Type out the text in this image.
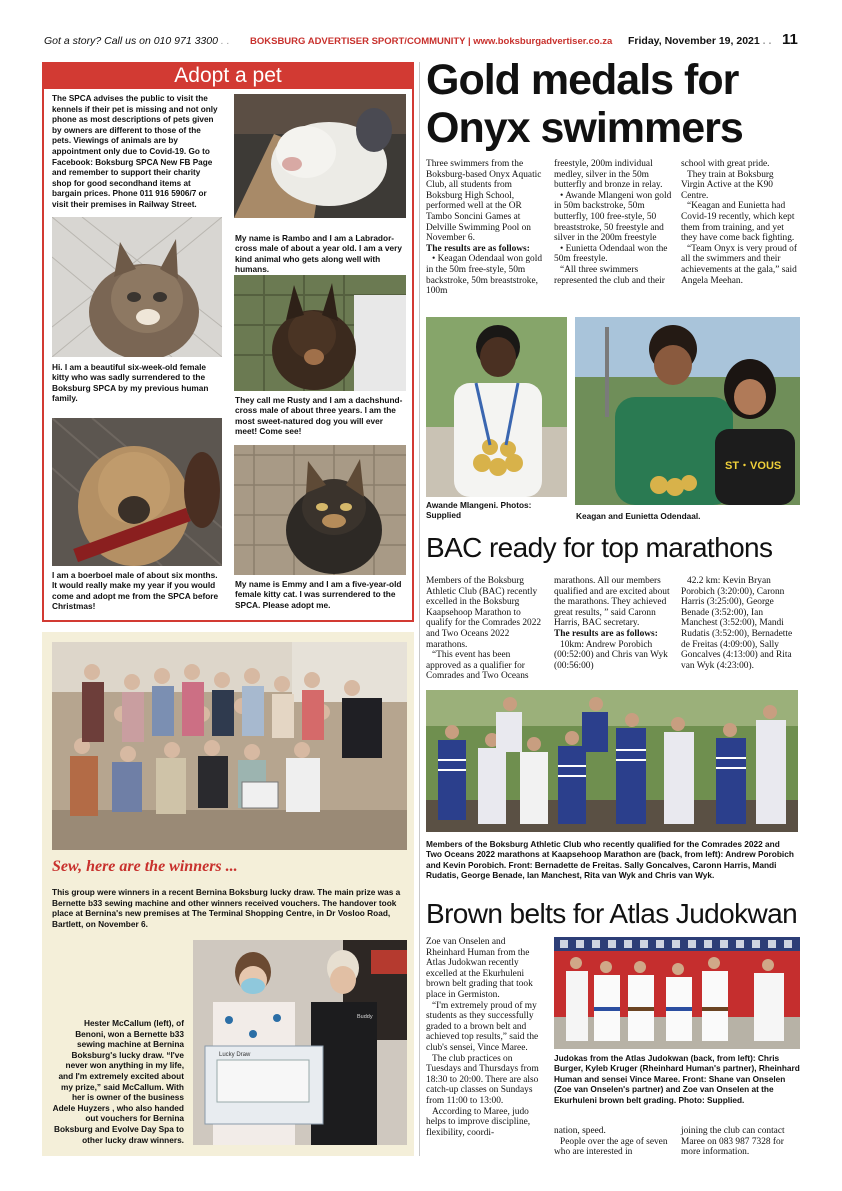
Got a story? Call us on 010 971 3300 . . BOKSBURG ADVERTISER SPORT/COMMUNITY | www.boksburgadvertiser.co.za Friday, November 19, 2021 . . 11
Adopt a pet
The SPCA advises the public to visit the kennels if their pet is missing and not only phone as most descriptions of pets given by owners are different to those of the pets. Viewings of animals are by appointment only due to Covid-19. Go to Facebook: Boksburg SPCA New FB Page and remember to support their charity shop for good secondhand items at bargain prices. Phone 011 916 5906/7 or visit their premises in Railway Street.
My name is Rambo and I am a Labrador-cross male of about a year old. I am a very kind animal who gets along well with humans.
Hi. I am a beautiful six-week-old female kitty who was sadly surrendered to the Boksburg SPCA by my previous human family.	They call me Rusty and I am a dachshund-cross male of about three years. I am the most sweet-natured dog you will ever meet! Come see!
I am a boerboel male of about six months. It would really make my year if you would come and adopt me from the SPCA before Christmas!
My name is Emmy and I am a five-year-old female kitty cat. I was surrendered to the SPCA. Please adopt me.
Sew, here are the winners ...
This group were winners in a recent Bernina Boksburg lucky draw. The main prize was a Bernette b33 sewing machine and other winners received vouchers. The handover took place at Bernina's new premises at The Terminal Shopping Centre, in Dr Vosloo Road, Bartlett, on November 6.
Hester McCallum (left), of Benoni, won a Bernette b33 sewing machine at Bernina Boksburg's lucky draw. “I've never won anything in my life, and I'm extremely excited about my prize,” said McCallum. With her is owner of the business Adele Huyzers , who also handed out vouchers for Bernina Boksburg and Evolve Day Spa to other lucky draw winners.
Lucky Draw
Buddy
Gold medals for
Onyx swimmers

Three swimmers from the Boksburg-based Onyx Aquatic Club, all students from Boksburg High School, performed well at the OR Tambo Soncini Games at Delville Swimming Pool on November 6.

The results are as follows:

• Keagan Odendaal won gold in the 50m free-style, 50m backstroke, 50m breaststroke, 100m

freestyle, 200m individual medley, silver in the 50m butterfly and bronze in relay.

• Awande Mlangeni won gold in 50m backstroke, 50m butterfly, 100 free-style, 50 breaststroke, 50 freestyle and silver in the 200m freestyle

• Eunietta Odendaal won the 50m freestyle.

“All three swimmers represented the club and their

school with great pride.

They train at Boksburg Virgin Active at the K90 Centre.

“Keagan and Eunietta had Covid-19 recently, which kept them from training, and yet they have come back fighting.

“Team Onyx is very proud of all the swimmers and their achievements at the gala,” said Angela Meehan.

ST・VOUS
Awande Mlangeni. Photos: Supplied	Keagan and Eunietta Odendaal.
BAC ready for top marathons

Members of the Boksburg Athletic Club (BAC) recently excelled in the Boksburg Kaapsehoop Marathon to qualify for the Comrades 2022 and Two Oceans 2022 marathons.

“This event has been approved as a qualifier for Comrades and Two Oceans

marathons. All our members qualified and are excited about the marathons. They achieved great results, ” said Caronn Harris, BAC secretary.

The results are as follows:

10km: Andrew Porobich (00:52:00) and Chris van Wyk (00:56:00)

42.2 km: Kevin Bryan Porobich (3:20:00), Caronn Harris (3:25:00), George Benade (3:52:00), Ian Manchest (3:52:00), Mandi Rudatis (3:52:00), Bernadette de Freitas (4:09:00), Sally Goncalves (4:13:00) and Rita van Wyk (4:23:00).

Members of the Boksburg Athletic Club who recently qualified for the Comrades 2022 and Two Oceans 2022 marathons at Kaapsehoop Marathon are (back, from left): Andrew Porobich and Kevin Porobich. Front: Bernadette de Freitas. Sally Goncalves, Caronn Harris, Mandi Rudatis, George Benade, Ian Manchest, Rita van Wyk and Chris van Wyk.
Brown belts for Atlas Judokwan

Zoe van Onselen and Rheinhard Human from the Atlas Judokwan recently excelled at the Ekurhuleni brown belt grading that took place in Germiston.

“I'm extremely proud of my students as they successfully graded to a brown belt and achieved top results,” said the club's sensei, Vince Maree.

The club practices on Tuesdays and Thursdays from 18:30 to 20:00. There are also catch-up classes on Sundays from 11:00 to 13:00.

According to Maree, judo helps to improve discipline, flexibility, coordi-

Judokas from the Atlas Judokwan (back, from left): Chris Burger, Kyleb Kruger (Rheinhard Human's partner), Rheinhard Human and sensei Vince Maree. Front: Shane van Onselen (Zoe van Onselen's partner) and Zoe van Onselen at the Ekurhuleni brown belt grading. Photo: Supplied.

nation, speed.

People over the age of seven who are interested in

joining the club can contact Maree on 083 987 7328 for more information.
